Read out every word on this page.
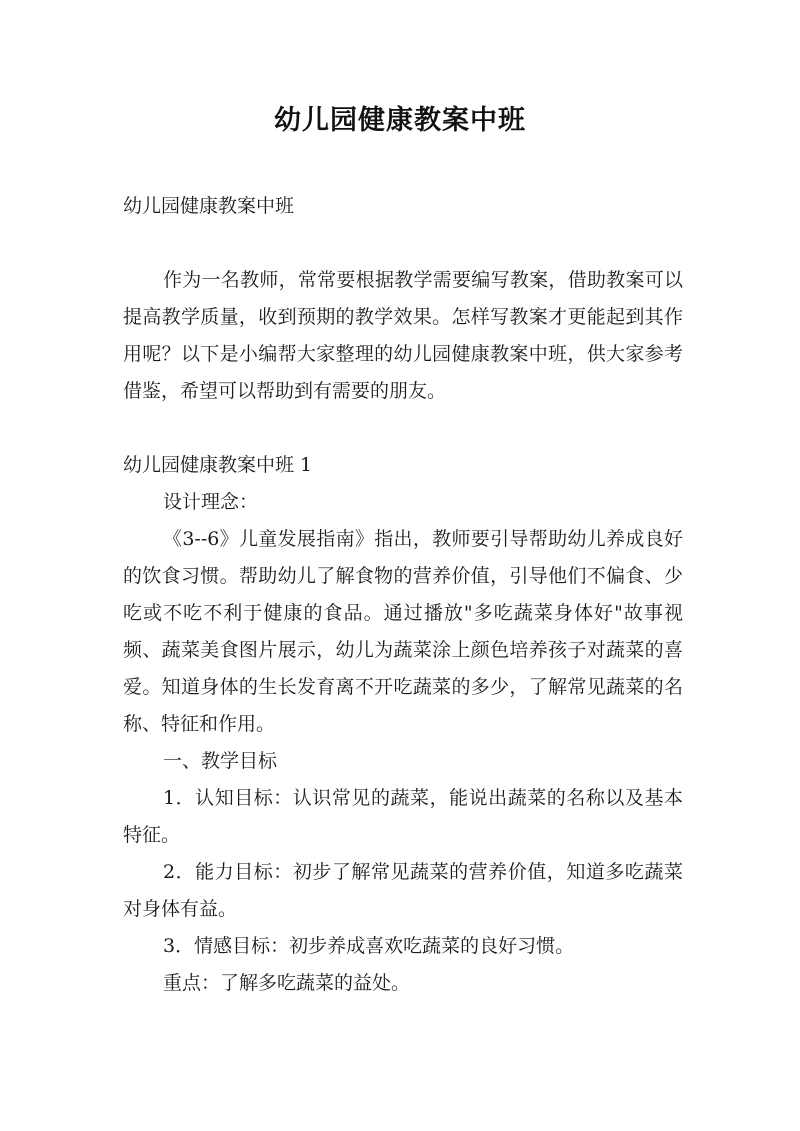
幼儿园健康教案中班

幼儿园健康教案中班

作为一名教师，常常要根据教学需要编写教案，借助教案可以提高教学质量，收到预期的教学效果。怎样写教案才更能起到其作用呢？以下是小编帮大家整理的幼儿园健康教案中班，供大家参考借鉴，希望可以帮助到有需要的朋友。

幼儿园健康教案中班 1

设计理念：

《3--6》儿童发展指南》指出，教师要引导帮助幼儿养成良好的饮食习惯。帮助幼儿了解食物的营养价值，引导他们不偏食、少吃或不吃不利于健康的食品。通过播放"多吃蔬菜身体好"故事视频、蔬菜美食图片展示，幼儿为蔬菜涂上颜色培养孩子对蔬菜的喜爱。知道身体的生长发育离不开吃蔬菜的多少，了解常见蔬菜的名称、特征和作用。

一、教学目标

1．认知目标：认识常见的蔬菜，能说出蔬菜的名称以及基本特征。

2．能力目标：初步了解常见蔬菜的营养价值，知道多吃蔬菜对身体有益。

3．情感目标：初步养成喜欢吃蔬菜的良好习惯。

重点：了解多吃蔬菜的益处。
